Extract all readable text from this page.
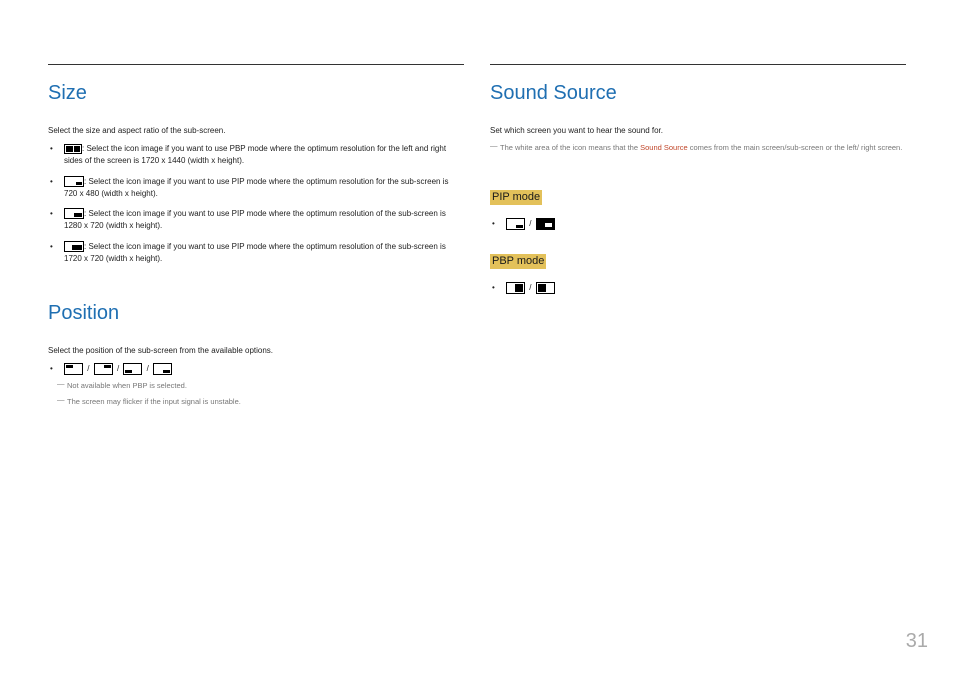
Size

Select the size and aspect ratio of the sub-screen.

•	: Select the icon image if you want to use PBP mode where the optimum resolution for the left and right sides of the screen is 1720 x 1440 (width x height).
•	: Select the icon image if you want to use PIP mode where the optimum resolution for the sub-screen is 720 x 480 (width x height).
•	: Select the icon image if you want to use PIP mode where the optimum resolution of the sub-screen is 1280 x 720 (width x height).
•	: Select the icon image if you want to use PIP mode where the optimum resolution of the sub-screen is 1720 x 720 (width x height).
Position

Select the position of the sub-screen from the available options.

•	/	/	/

― Not available when PBP is selected.

― The screen may flicker if the input signal is unstable.

Sound Source

Set which screen you want to hear the sound for.

― The white area of the icon means that the Sound Source comes from the main screen/sub-screen or the left/ right screen.

PIP mode
•	/
PBP mode
•	/
31
